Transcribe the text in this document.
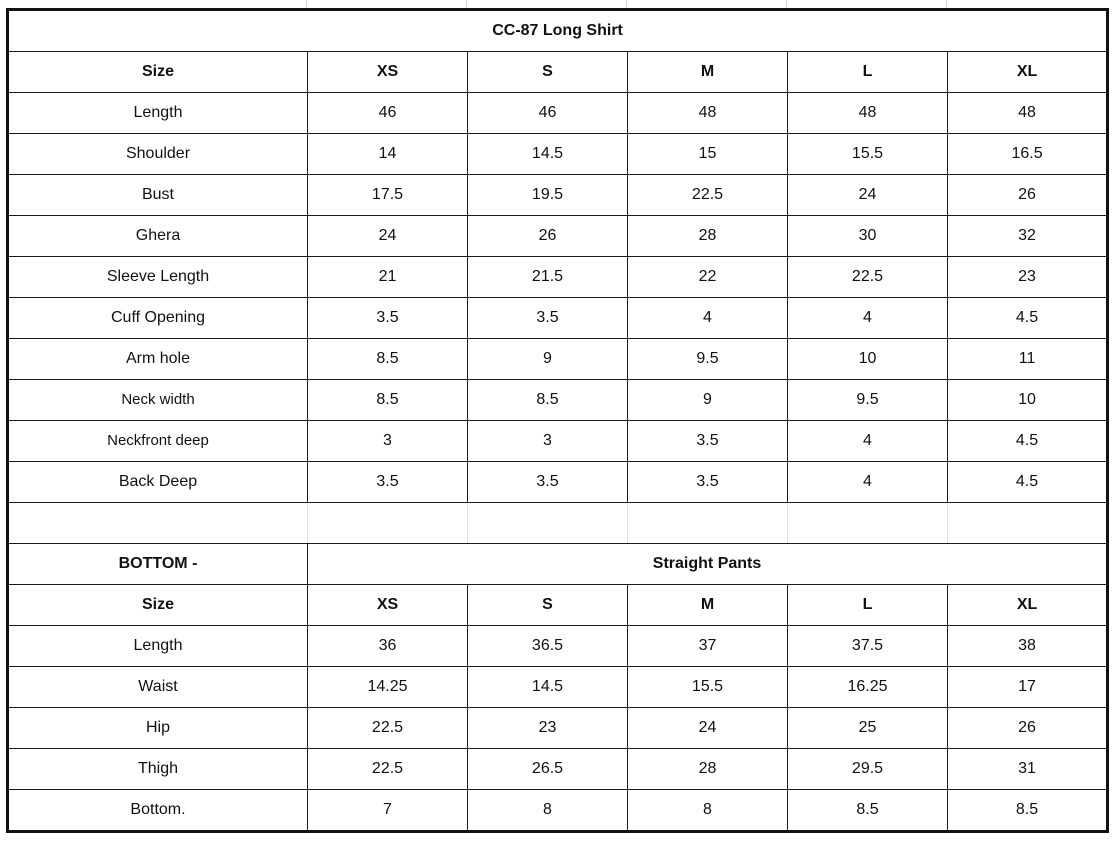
CC-87 Long Shirt					
Size	XS	S	M	L	XL
Length	46	46	48	48	48
Shoulder	14	14.5	15	15.5	16.5
Bust	17.5	19.5	22.5	24	26
Ghera	24	26	28	30	32
Sleeve Length	21	21.5	22	22.5	23
Cuff Opening	3.5	3.5	4	4	4.5
Arm hole	8.5	9	9.5	10	11
Neck width	8.5	8.5	9	9.5	10
Neckfront deep	3	3	3.5	4	4.5
Back Deep	3.5	3.5	3.5	4	4.5

BOTTOM -	Straight Pants				
Size	XS	S	M	L	XL
Length	36	36.5	37	37.5	38
Waist	14.25	14.5	15.5	16.25	17
Hip	22.5	23	24	25	26
Thigh	22.5	26.5	28	29.5	31
Bottom.	7	8	8	8.5	8.5
